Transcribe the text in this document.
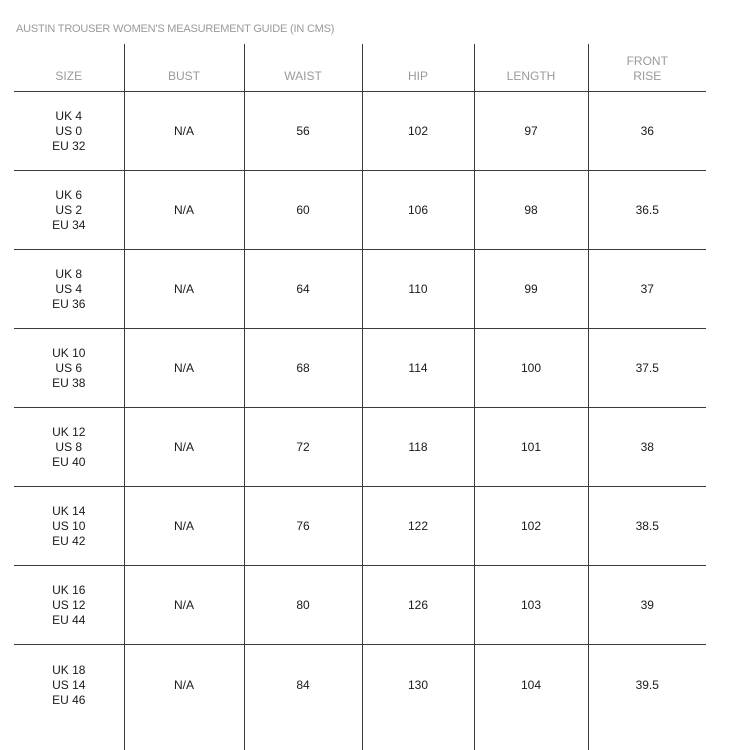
AUSTIN TROUSER WOMEN'S MEASUREMENT GUIDE (IN CMS)
SIZE	BUST	WAIST	HIP	LENGTH	FRONT
RISE

UK 4
US 0
EU 32	N/A	56	102	97	36

UK 6
US 2
EU 34	N/A	60	106	98	36.5

UK 8
US 4
EU 36	N/A	64	110	99	37

UK 10
US 6
EU 38	N/A	68	114	100	37.5

UK 12
US 8
EU 40	N/A	72	118	101	38

UK 14
US 10
EU 42	N/A	76	122	102	38.5

UK 16
US 12
EU 44	N/A	80	126	103	39

UK 18
US 14
EU 46	N/A	84	130	104	39.5
